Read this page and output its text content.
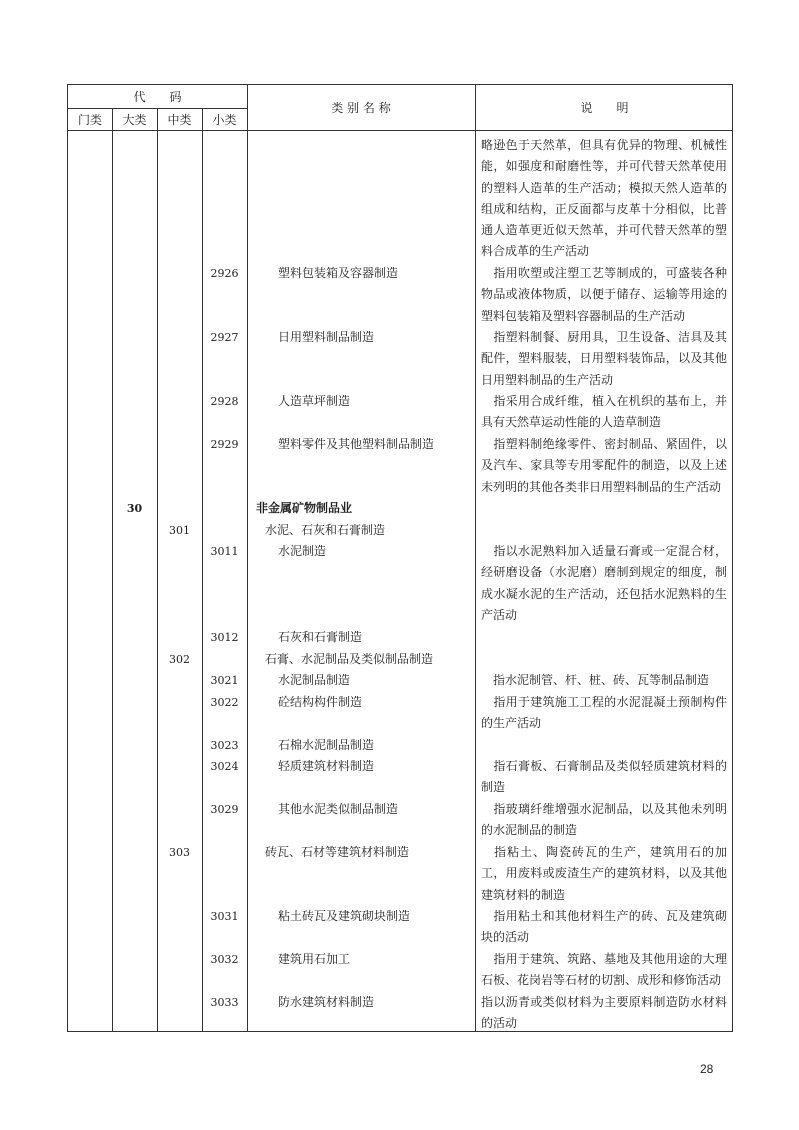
代　　码
门类	大类	中类	小类
类 别 名 称	说　　明
略逊色于天然革，但具有优异的物理、机械性能，如强度和耐磨性等，并可代替天然革使用的塑料人造革的生产活动；模拟天然人造革的组成和结构，正反面都与皮革十分相似，比普通人造革更近似天然革，并可代替天然革的塑料合成革的生产活动
2926	塑料包装箱及容器制造	指用吹塑或注塑工艺等制成的，可盛装各种物品或液体物质，以便于储存、运输等用途的塑料包装箱及塑料容器制品的生产活动
2927	日用塑料制品制造	指塑料制餐、厨用具，卫生设备、洁具及其配件，塑料服装，日用塑料装饰品，以及其他日用塑料制品的生产活动
2928	人造草坪制造	指采用合成纤维，植入在机织的基布上，并具有天然草运动性能的人造草制造
2929	塑料零件及其他塑料制品制造	指塑料制绝缘零件、密封制品、紧固件，以及汽车、家具等专用零配件的制造，以及上述未列明的其他各类非日用塑料制品的生产活动
30	非金属矿物制品业
301	水泥、石灰和石膏制造
3011	水泥制造	指以水泥熟料加入适量石膏或一定混合材，经研磨设备（水泥磨）磨制到规定的细度，制成水凝水泥的生产活动，还包括水泥熟料的生产活动
3012	石灰和石膏制造
302	石膏、水泥制品及类似制品制造
3021	水泥制品制造	指水泥制管、杆、桩、砖、瓦等制品制造
3022	砼结构构件制造	指用于建筑施工工程的水泥混凝土预制构件的生产活动
3023	石棉水泥制品制造
3024	轻质建筑材料制造	指石膏板、石膏制品及类似轻质建筑材料的制造
3029	其他水泥类似制品制造	指玻璃纤维增强水泥制品，以及其他未列明的水泥制品的制造
303	砖瓦、石材等建筑材料制造	指粘土、陶瓷砖瓦的生产，建筑用石的加工，用废料或废渣生产的建筑材料，以及其他建筑材料的制造
3031	粘土砖瓦及建筑砌块制造	指用粘土和其他材料生产的砖、瓦及建筑砌块的活动
3032	建筑用石加工	指用于建筑、筑路、墓地及其他用途的大理石板、花岗岩等石材的切割、成形和修饰活动
3033	防水建筑材料制造	指以沥青或类似材料为主要原料制造防水材料的活动
28
